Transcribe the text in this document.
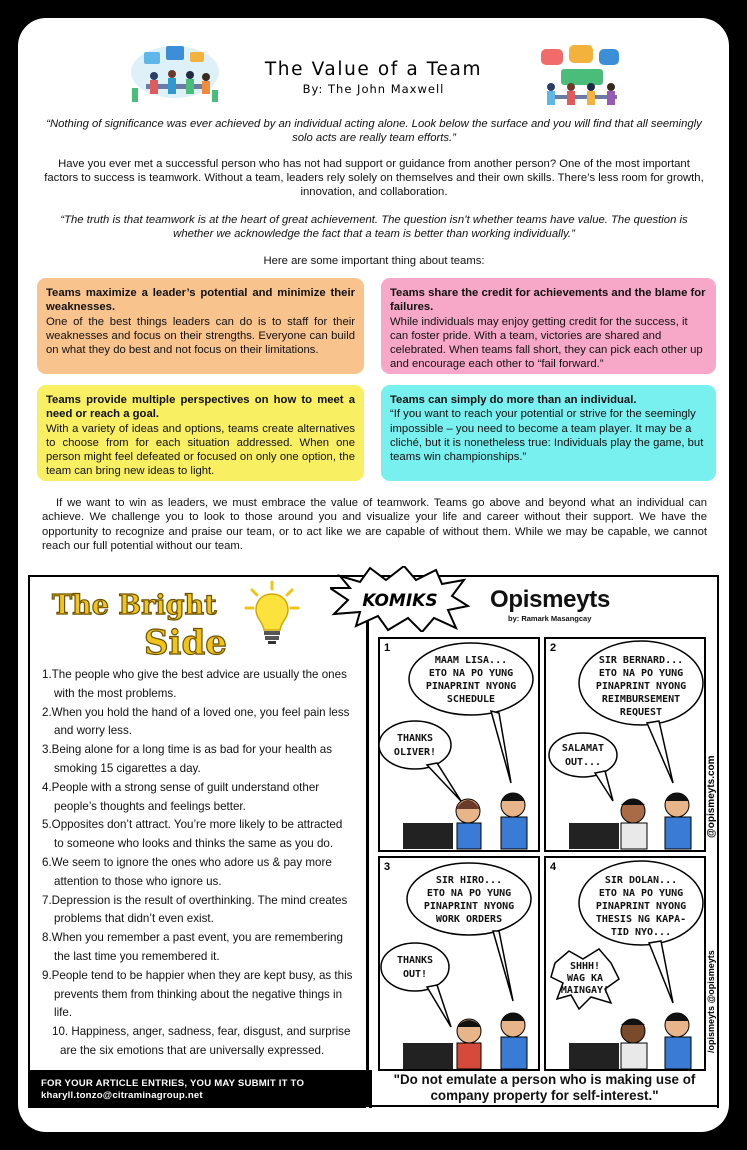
The Value of a Team
By: The John Maxwell
“Nothing of significance was ever achieved by an individual acting alone. Look below the surface and you will find that all seemingly solo acts are really team efforts.”
Have you ever met a successful person who has not had support or guidance from another person? One of the most important factors to success is teamwork. Without a team, leaders rely solely on themselves and their own skills. There’s less room for growth, innovation, and collaboration.
“The truth is that teamwork is at the heart of great achievement. The question isn’t whether teams have value. The question is whether we acknowledge the fact that a team is better than working individually.”
Here are some important thing about teams:
Teams maximize a leader’s potential and minimize their weaknesses.

One of the best things leaders can do is to staff for their weaknesses and focus on their strengths. Everyone can build on what they do best and not focus on their limitations.

Teams share the credit for achievements and the blame for failures.

While individuals may enjoy getting credit for the success, it can foster pride. With a team, victories are shared and celebrated. When teams fall short, they can pick each other up and encourage each other to “fail forward.”

Teams provide multiple perspectives on how to meet a need or reach a goal.

With a variety of ideas and options, teams create alternatives to choose from for each situation addressed. When one person might feel defeated or focused on only one option, the team can bring new ideas to light.

Teams can simply do more than an individual.

“If you want to reach your potential or strive for the seemingly impossible – you need to become a team player. It may be a cliché, but it is nonetheless true: Individuals play the game, but teams win championships.”

If we want to win as leaders, we must embrace the value of teamwork. Teams go above and beyond what an individual can achieve. We challenge you to look to those around you and visualize your life and career without their support. We have the opportunity to recognize and praise our team, or to act like we are capable of without them. While we may be capable, we cannot reach our full potential without our team.
The Bright
Side
1.The people who give the best advice are usually the ones with the most problems.
2.When you hold the hand of a loved one, you feel pain less and worry less.
3.Being alone for a long time is as bad for your health as smoking 15 cigarettes a day.
4.People with a strong sense of guilt understand other people’s thoughts and feelings better.
5.Opposites don’t attract. You’re more likely to be attracted to someone who looks and thinks the same as you do.
6.We seem to ignore the ones who adore us & pay more attention to those who ignore us.
7.Depression is the result of overthinking. The mind creates problems that didn’t even exist.
8.When you remember a past event, you are remembering the last time you remembered it.
9.People tend to be happier when they are kept busy, as this prevents them from thinking about the negative things in life.
10. Happiness, anger, sadness, fear, disgust, and surprise are the six emotions that are universally expressed.
FOR YOUR ARTICLE ENTRIES, YOU MAY SUBMIT IT TO
kharyll.tonzo@citraminagroup.net
KOMIKS Opismeyts
by: Ramark Masangcay
@opismeyts.com
/opismeyts @opismeyts
1
MAAM LISA... ETO NA PO YUNG PINAPRINT NYONG SCHEDULE
THANKS OLIVER!
2
SIR BERNARD... ETO NA PO YUNG PINAPRINT NYONG REIMBURSEMENT REQUEST
SALAMAT OUT...
3
SIR HIRO... ETO NA PO YUNG PINAPRINT NYONG WORK ORDERS
THANKS OUT!
4
SIR DOLAN... ETO NA PO YUNG PINAPRINT NYONG THESIS NG KAPA-TID NYO...
SHHH! WAG KA MAINGAY!
"Do not emulate a person who is making use of company property for self-interest."
